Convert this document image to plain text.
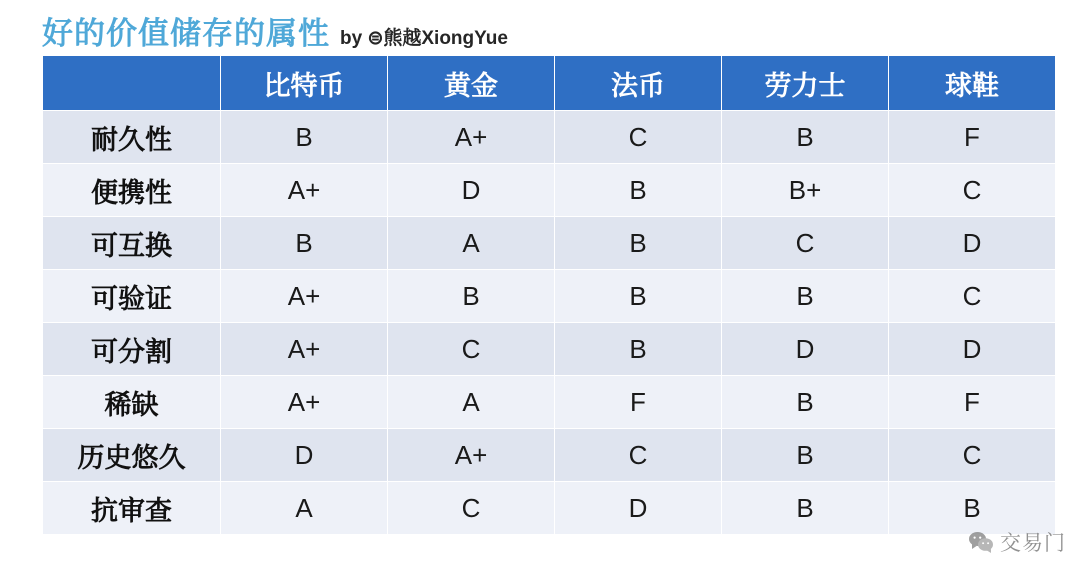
好的价值储存的属性 by ⊜熊越XiongYue
	比特币	黄金	法币	劳力士	球鞋
耐久性	B	A+	C	B	F
便携性	A+	D	B	B+	C
可互换	B	A	B	C	D
可验证	A+	B	B	B	C
可分割	A+	C	B	D	D
稀缺	A+	A	F	B	F
历史悠久	D	A+	C	B	C
抗审查	A	C	D	B	B
交易门
